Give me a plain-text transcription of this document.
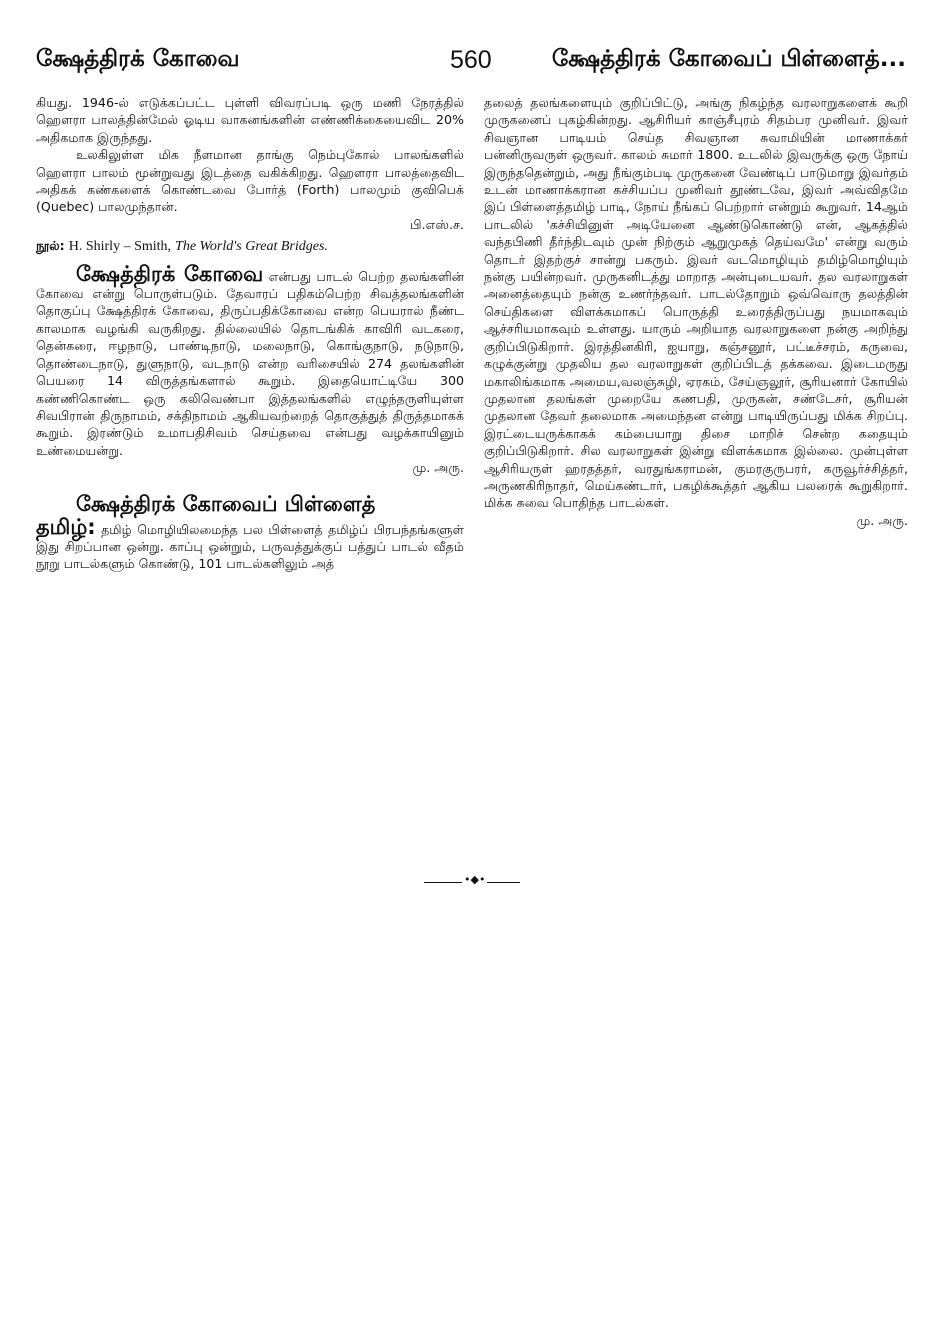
க்ஷேத்திரக் கோவை	560	க்ஷேத்திரக் கோவைப் பிள்ளைத்...

கியது. 1946-ல் எடுக்கப்பட்ட புள்ளி விவரப்படி ஒரு மணி நேரத்தில் ஹௌரா பாலத்தின்மேல் ஓடிய வாகனங்களின் எண்ணிக்கையைவிட 20% அதிகமாக இருந்தது.

உலகிலுள்ள மிக நீளமான தாங்கு நெம்புகோல் பாலங்களில் ஹௌரா பாலம் மூன்றுவது இடத்தை வகிக்கிறது. ஹௌரா பாலத்தைவிட அதிகக் கண்களைக் கொண்டவை போர்த் (Forth) பாலமும் குவிபெக் (Quebec) பாலமுந்தான்.
பி.எஸ்.ச.

நூல்: H. Shirly – Smith, The World's Great Bridges.

க்ஷேத்திரக் கோவை என்பது பாடல் பெற்ற தலங்களின் கோவை என்று பொருள்படும். தேவாரப் பதிகம்பெற்ற சிவத்தலங்களின் தொகுப்பு க்ஷேத்திரக் கோவை, திருப்பதிக்கோவை என்ற பெயரால் நீண்ட காலமாக வழங்கி வருகிறது. தில்லையில் தொடங்கிக் காவிரி வடகரை, தென்கரை, ஈழநாடு, பாண்டிநாடு, மலைநாடு, கொங்குநாடு, நடுநாடு, தொண்டைநாடு, துளுநாடு, வடநாடு என்ற வரிசையில் 274 தலங்களின் பெயரை 14 விருத்தங்களால் கூறும். இதையொட்டியே 300 கண்ணிகொண்ட ஒரு கலிவெண்பா இத்தலங்களில் எழுந்தருளியுள்ள சிவபிரான் திருநாமம், சக்திநாமம் ஆகியவற்றைத் தொகுத்துத் திருத்தமாகக் கூறும். இரண்டும் உமாபதிசிவம் செய்தவை என்பது வழக்காயினும் உண்மையன்று.
மு. அரு.

க்ஷேத்திரக் கோவைப் பிள்ளைத்

தமிழ்: தமிழ் மொழியிலமைந்த பல பிள்ளைத் தமிழ்ப் பிரபந்தங்களுள் இது சிறப்பான ஒன்று. காப்பு ஒன்றும், பருவத்துக்குப் பத்துப் பாடல் வீதம் நூறு பாடல்களும் கொண்டு, 101 பாடல்களிலும் அத்

தலைத் தலங்களையும் குறிப்பிட்டு, அங்கு நிகழ்ந்த வரலாறுகளைக் கூறி முருகனைப் புகழ்கின்றது. ஆசிரியர் காஞ்சீபுரம் சிதம்பர முனிவர். இவர் சிவஞான பாடியம் செய்த சிவஞான சுவாமியின் மாணாக்கர் பன்னிருவருள் ஒருவர். காலம் சுமார் 1800. உடலில் இவருக்கு ஒரு நோய் இருந்ததென்றும், அது நீங்கும்படி முருகனை வேண்டிப் பாடுமாறு இவர்தம் உடன் மாணாக்கரான கச்சியப்ப முனிவர் தூண்டவே, இவர் அவ்விதமே இப் பிள்ளைத்தமிழ் பாடி, நோய் நீங்கப் பெற்றார் என்றும் கூறுவர். 14ஆம் பாடலில் 'கச்சியினுள் அடியேனை ஆண்டுகொண்டு என், ஆகத்தில் வந்தபிணி தீர்ந்திடவும் முன் நிற்கும் ஆறுமுகத் தெய்வமே' என்று வரும் தொடர் இதற்குச் சான்று பகரும். இவர் வடமொழியும் தமிழ்மொழியும் நன்கு பயின்றவர். முருகனிடத்து மாறாத அன்புடையவர். தல வரலாறுகள் அனைத்தையும் நன்கு உணர்ந்தவர். பாடல்தோறும் ஒவ்வொரு தலத்தின் செய்திகளை விளக்கமாகப் பொருத்தி உரைத்திருப்பது நயமாகவும் ஆச்சரியமாகவும் உள்ளது. யாரும் அறியாத வரலாறுகளை நன்கு அறிந்து குறிப்பிடுகிறார். இரத்தினகிரி, ஐயாறு, கஞ்சனூர், பட்டீச்சரம், கருவை, கழுக்குன்று முதலிய தல வரலாறுகள் குறிப்பிடத் தக்கவை. இடைமருது மகாலிங்கமாக அமைய,வலஞ்சுழி, ஏரகம், சேய்ஞலூர், சூரியனார் கோயில் முதலான தலங்கள் முறையே கணபதி, முருகன், சண்டேசர், சூரியன் முதலான தேவர் தலைமாக அமைந்தன என்று பாடியிருப்பது மிக்க சிறப்பு. இரட்டையருக்காகக் கம்பையாறு திசை மாறிச் சென்ற கதையும் குறிப்பிடுகிறார். சில வரலாறுகள் இன்று விளக்கமாக இல்லை. முன்புள்ள ஆசிரியருள் ஹரதத்தர், வரதுங்கராமன், குமரகுருபரர், கருவூர்ச்சித்தர், அருணகிரிநாதர், மெய்கண்டார், பகழிக்கூத்தர் ஆகிய பலரைக் கூறுகிறார். மிக்க சுவை பொதிந்த பாடல்கள்.
மு. அரு.

•◆•
